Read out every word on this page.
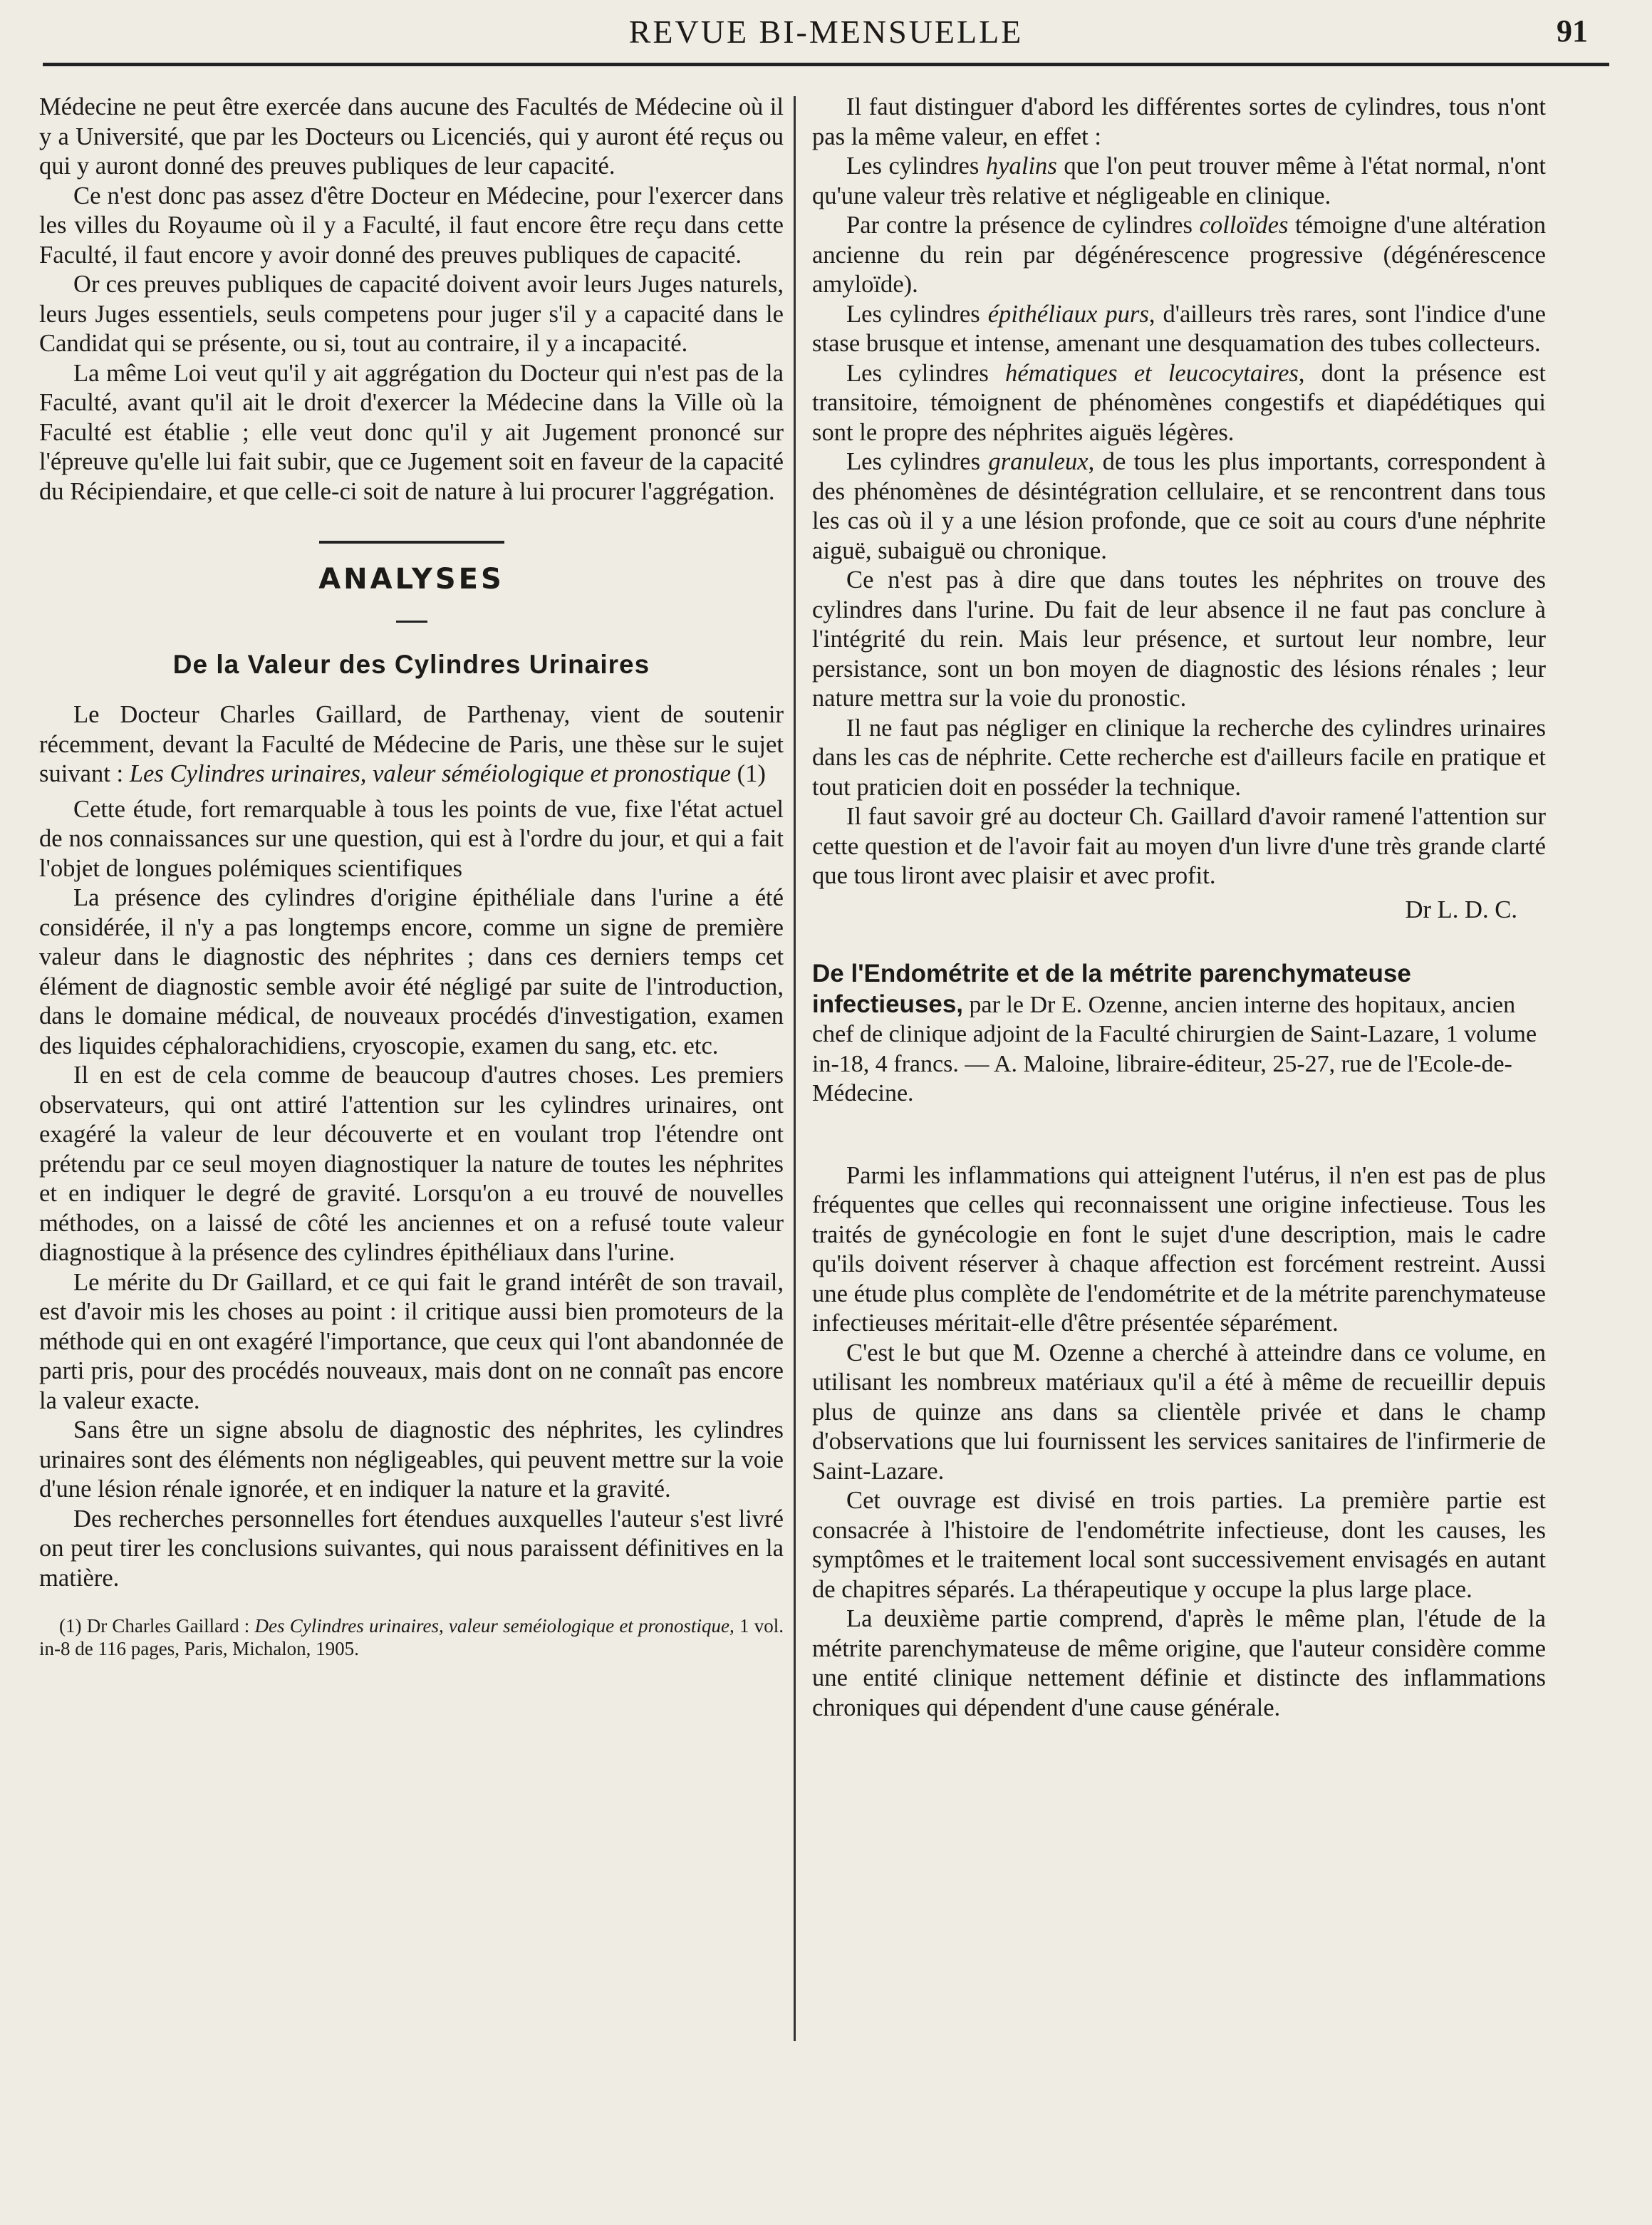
REVUE BI-MENSUELLE	91

Médecine ne peut être exercée dans aucune des Facultés de Médecine où il y a Université, que par les Docteurs ou Licenciés, qui y auront été reçus ou qui y auront donné des preuves publiques de leur capacité.

Ce n'est donc pas assez d'être Docteur en Médecine, pour l'exercer dans les villes du Royaume où il y a Faculté, il faut encore être reçu dans cette Faculté, il faut encore y avoir donné des preuves publiques de capacité.

Or ces preuves publiques de capacité doivent avoir leurs Juges naturels, leurs Juges essentiels, seuls competens pour juger s'il y a capacité dans le Candidat qui se présente, ou si, tout au contraire, il y a incapacité.

La même Loi veut qu'il y ait aggrégation du Docteur qui n'est pas de la Faculté, avant qu'il ait le droit d'exercer la Médecine dans la Ville où la Faculté est établie ; elle veut donc qu'il y ait Jugement prononcé sur l'épreuve qu'elle lui fait subir, que ce Jugement soit en faveur de la capacité du Récipiendaire, et que celle-ci soit de nature à lui procurer l'aggrégation.

ANALYSES
De la Valeur des Cylindres Urinaires

Le Docteur Charles Gaillard, de Parthenay, vient de soutenir récemment, devant la Faculté de Médecine de Paris, une thèse sur le sujet suivant : Les Cylindres urinaires, valeur séméiologique et pronostique (1)

Cette étude, fort remarquable à tous les points de vue, fixe l'état actuel de nos connaissances sur une question, qui est à l'ordre du jour, et qui a fait l'objet de longues polémiques scientifiques

La présence des cylindres d'origine épithéliale dans l'urine a été considérée, il n'y a pas longtemps encore, comme un signe de première valeur dans le diagnostic des néphrites ; dans ces derniers temps cet élément de diagnostic semble avoir été négligé par suite de l'introduction, dans le domaine médical, de nouveaux procédés d'investigation, examen des liquides céphalorachidiens, cryoscopie, examen du sang, etc. etc.

Il en est de cela comme de beaucoup d'autres choses. Les premiers observateurs, qui ont attiré l'attention sur les cylindres urinaires, ont exagéré la valeur de leur découverte et en voulant trop l'étendre ont prétendu par ce seul moyen diagnostiquer la nature de toutes les néphrites et en indiquer le degré de gravité. Lorsqu'on a eu trouvé de nouvelles méthodes, on a laissé de côté les anciennes et on a refusé toute valeur diagnostique à la présence des cylindres épithéliaux dans l'urine.

Le mérite du Dr Gaillard, et ce qui fait le grand intérêt de son travail, est d'avoir mis les choses au point : il critique aussi bien promoteurs de la méthode qui en ont exagéré l'importance, que ceux qui l'ont abandonnée de parti pris, pour des procédés nouveaux, mais dont on ne connaît pas encore la valeur exacte.

Sans être un signe absolu de diagnostic des néphrites, les cylindres urinaires sont des éléments non négligeables, qui peuvent mettre sur la voie d'une lésion rénale ignorée, et en indiquer la nature et la gravité.

Des recherches personnelles fort étendues auxquelles l'auteur s'est livré on peut tirer les conclusions suivantes, qui nous paraissent définitives en la matière.

(1) Dr Charles Gaillard : Des Cylindres urinaires, valeur seméiologique et pronostique, 1 vol. in-8 de 116 pages, Paris, Michalon, 1905.

Il faut distinguer d'abord les différentes sortes de cylindres, tous n'ont pas la même valeur, en effet :

Les cylindres hyalins que l'on peut trouver même à l'état normal, n'ont qu'une valeur très relative et négligeable en clinique.

Par contre la présence de cylindres colloïdes témoigne d'une altération ancienne du rein par dégénérescence progressive (dégénérescence amyloïde).

Les cylindres épithéliaux purs, d'ailleurs très rares, sont l'indice d'une stase brusque et intense, amenant une desquamation des tubes collecteurs.

Les cylindres hématiques et leucocytaires, dont la présence est transitoire, témoignent de phénomènes congestifs et diapédétiques qui sont le propre des néphrites aiguës légères.

Les cylindres granuleux, de tous les plus importants, correspondent à des phénomènes de désintégration cellulaire, et se rencontrent dans tous les cas où il y a une lésion profonde, que ce soit au cours d'une néphrite aiguë, subaiguë ou chronique.

Ce n'est pas à dire que dans toutes les néphrites on trouve des cylindres dans l'urine. Du fait de leur absence il ne faut pas conclure à l'intégrité du rein. Mais leur présence, et surtout leur nombre, leur persistance, sont un bon moyen de diagnostic des lésions rénales ; leur nature mettra sur la voie du pronostic.

Il ne faut pas négliger en clinique la recherche des cylindres urinaires dans les cas de néphrite. Cette recherche est d'ailleurs facile en pratique et tout praticien doit en posséder la technique.

Il faut savoir gré au docteur Ch. Gaillard d'avoir ramené l'attention sur cette question et de l'avoir fait au moyen d'un livre d'une très grande clarté que tous liront avec plaisir et avec profit.

Dr L. D. C.

De l'Endométrite et de la métrite parenchymateuse infectieuses, par le Dr E. Ozenne, ancien interne des hopitaux, ancien chef de clinique adjoint de la Faculté chirurgien de Saint-Lazare, 1 volume in-18, 4 francs. — A. Maloine, libraire-éditeur, 25-27, rue de l'Ecole-de-Médecine.

Parmi les inflammations qui atteignent l'utérus, il n'en est pas de plus fréquentes que celles qui reconnaissent une origine infectieuse. Tous les traités de gynécologie en font le sujet d'une description, mais le cadre qu'ils doivent réserver à chaque affection est forcément restreint. Aussi une étude plus complète de l'endométrite et de la métrite parenchymateuse infectieuses méritait-elle d'être présentée séparément.

C'est le but que M. Ozenne a cherché à atteindre dans ce volume, en utilisant les nombreux matériaux qu'il a été à même de recueillir depuis plus de quinze ans dans sa clientèle privée et dans le champ d'observations que lui fournissent les services sanitaires de l'infirmerie de Saint-Lazare.

Cet ouvrage est divisé en trois parties. La première partie est consacrée à l'histoire de l'endométrite infectieuse, dont les causes, les symptômes et le traitement local sont successivement envisagés en autant de chapitres séparés. La thérapeutique y occupe la plus large place.

La deuxième partie comprend, d'après le même plan, l'étude de la métrite parenchymateuse de même origine, que l'auteur considère comme une entité clinique nettement définie et distincte des inflammations chroniques qui dépendent d'une cause générale.
